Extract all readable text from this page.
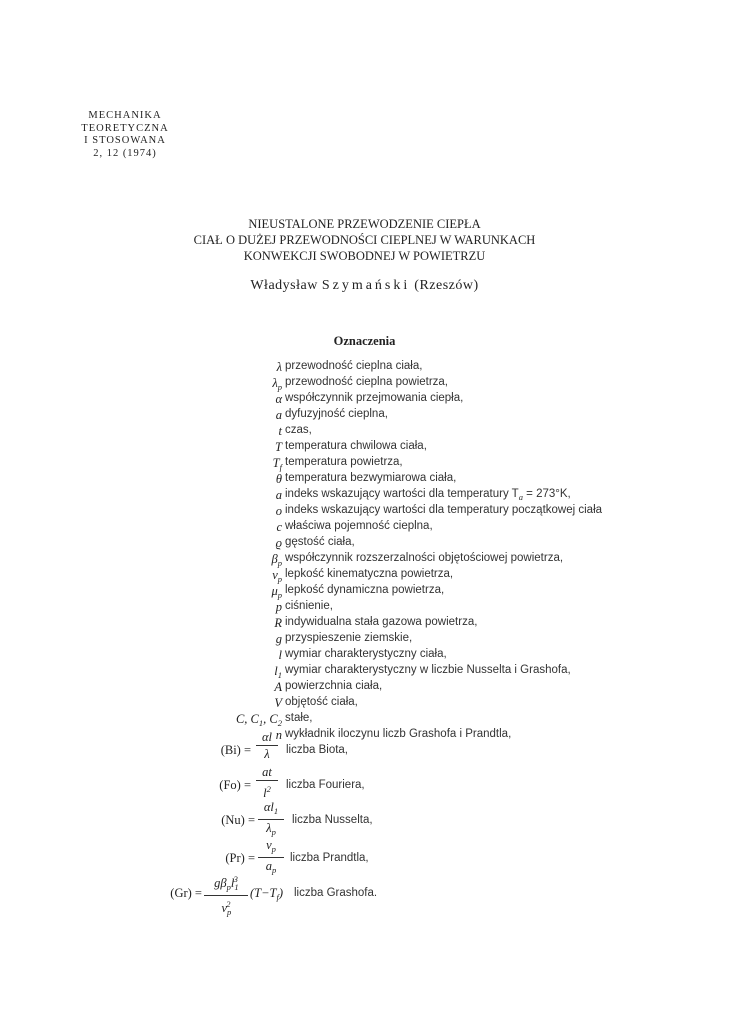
MECHANIKA
TEORETYCZNA
I STOSOWANA
2, 12 (1974)
NIEUSTALONE PRZEWODZENIE CIEPŁA
CIAŁ O DUŻEJ PRZEWODNOŚCI CIEPLNEJ W WARUNKACH
KONWEKCJI SWOBODNEJ W POWIETRZU
Władysław Szymański (Rzeszów)
Oznaczenia
λ przewodność cieplna ciała,
$\lambda_p$ przewodność cieplna powietrza,
α współczynnik przejmowania ciepła,
a dyfuzyjność cieplna,
t czas,
T temperatura chwilowa ciała,
$T_f$ temperatura powietrza,
θ temperatura bezwymiarowa ciała,
a indeks wskazujący wartości dla temperatury $T_a = 273^\circ K$,
o indeks wskazujący wartości dla temperatury początkowej ciała
c właściwa pojemność cieplna,
ϱ gęstość ciała,
$\beta_p$ współczynnik rozszerzalności objętościowej powietrza,
$\nu_p$ lepkość kinematyczna powietrza,
$\mu_p$ lepkość dynamiczna powietrza,
p ciśnienie,
R indywidualna stała gazowa powietrza,
g przyspieszenie ziemskie,
l wymiar charakterystyczny ciała,
$l_1$ wymiar charakterystyczny w liczbie Nusselta i Grashofa,
A powierzchnia ciała,
V objętość ciała,
C, $C_1$, $C_2$ stałe,
n wykładnik iloczynu liczb Grashofa i Prandtla,
$(Bi) = \frac{\alpha l}{\lambda}$ liczba Biota,
$(Fo) = \frac{at}{l^2}$ liczba Fouriera,
$(Nu) = \frac{\alpha l_1}{\lambda_p}$ liczba Nusselta,
$(Pr) = \frac{\nu_p}{a_p}$ liczba Prandtla,
(Gr) =
$g\beta_pl_1^3$
$\nu_p^2$
$(T-T_f)$ liczba Grashofa.
